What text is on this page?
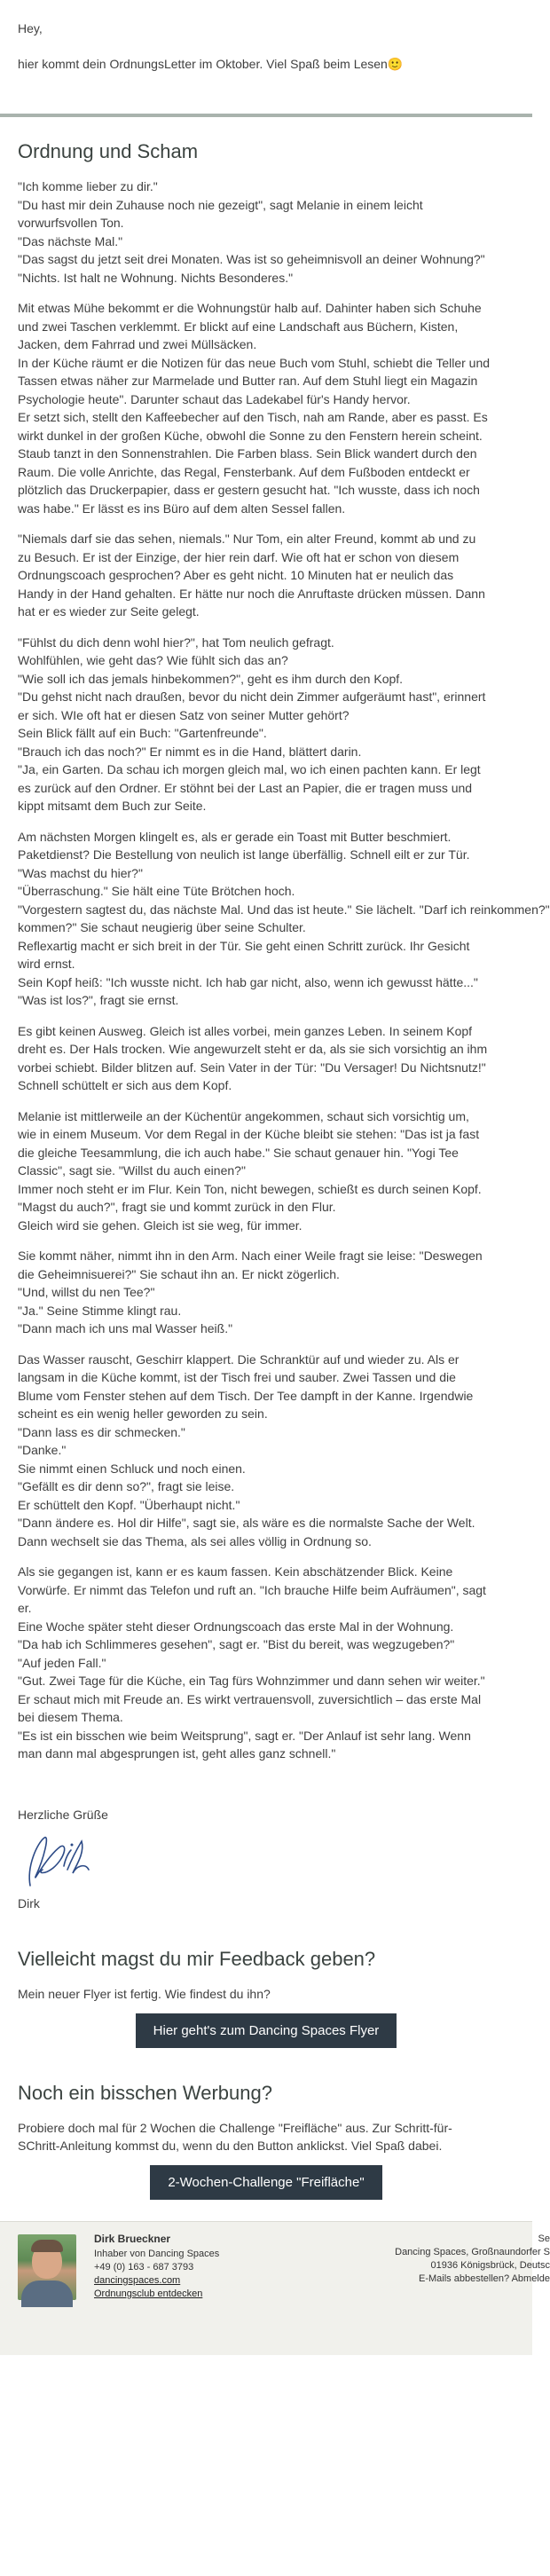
Hey,

hier kommt dein OrdnungsLetter im Oktober. Viel Spaß beim Lesen🙂

Ordnung und Scham

"Ich komme lieber zu dir."
"Du hast mir dein Zuhause noch nie gezeigt", sagt Melanie in einem leicht
vorwurfsvollen Ton.
"Das nächste Mal."
"Das sagst du jetzt seit drei Monaten. Was ist so geheimnisvoll an deiner Wohnung?"
"Nichts. Ist halt ne Wohnung. Nichts Besonderes."

Mit etwas Mühe bekommt er die Wohnungstür halb auf. Dahinter haben sich Schuhe
und zwei Taschen verklemmt. Er blickt auf eine Landschaft aus Büchern, Kisten,
Jacken, dem Fahrrad und zwei Müllsäcken.
In der Küche räumt er die Notizen für das neue Buch vom Stuhl, schiebt die Teller und
Tassen etwas näher zur Marmelade und Butter ran. Auf dem Stuhl liegt ein Magazin
Psychologie heute". Darunter schaut das Ladekabel für's Handy hervor.
Er setzt sich, stellt den Kaffeebecher auf den Tisch, nah am Rande, aber es passt. Es
wirkt dunkel in der großen Küche, obwohl die Sonne zu den Fenstern herein scheint.
Staub tanzt in den Sonnenstrahlen. Die Farben blass. Sein Blick wandert durch den
Raum. Die volle Anrichte, das Regal, Fensterbank. Auf dem Fußboden entdeckt er
plötzlich das Druckerpapier, dass er gestern gesucht hat. "Ich wusste, dass ich noch
was habe." Er lässt es ins Büro auf dem alten Sessel fallen.

"Niemals darf sie das sehen, niemals." Nur Tom, ein alter Freund, kommt ab und zu
zu Besuch. Er ist der Einzige, der hier rein darf. Wie oft hat er schon von diesem
Ordnungscoach gesprochen? Aber es geht nicht. 10 Minuten hat er neulich das
Handy in der Hand gehalten. Er hätte nur noch die Anruftaste drücken müssen. Dann
hat er es wieder zur Seite gelegt.

"Fühlst du dich denn wohl hier?", hat Tom neulich gefragt.
Wohlfühlen, wie geht das? Wie fühlt sich das an?
"Wie soll ich das jemals hinbekommen?", geht es ihm durch den Kopf.
"Du gehst nicht nach draußen, bevor du nicht dein Zimmer aufgeräumt hast", erinnert
er sich. WIe oft hat er diesen Satz von seiner Mutter gehört?
Sein Blick fällt auf ein Buch: "Gartenfreunde".
"Brauch ich das noch?" Er nimmt es in die Hand, blättert darin.
"Ja, ein Garten. Da schau ich morgen gleich mal, wo ich einen pachten kann. Er legt
es zurück auf den Ordner. Er stöhnt bei der Last an Papier, die er tragen muss und
kippt mitsamt dem Buch zur Seite.

Am nächsten Morgen klingelt es, als er gerade ein Toast mit Butter beschmiert.
Paketdienst? Die Bestellung von neulich ist lange überfällig. Schnell eilt er zur Tür.
"Was machst du hier?"
"Überraschung." Sie hält eine Tüte Brötchen hoch.
"Vorgestern sagtest du, das nächste Mal. Und das ist heute." Sie lächelt. "Darf ich reinkommen?"
kommen?" Sie schaut neugierig über seine Schulter.
Reflexartig macht er sich breit in der Tür. Sie geht einen Schritt zurück. Ihr Gesicht
wird ernst.
Sein Kopf heiß: "Ich wusste nicht. Ich hab gar nicht, also, wenn ich gewusst hätte..."
"Was ist los?", fragt sie ernst.

Es gibt keinen Ausweg. Gleich ist alles vorbei, mein ganzes Leben. In seinem Kopf
dreht es. Der Hals trocken. Wie angewurzelt steht er da, als sie sich vorsichtig an ihm
vorbei schiebt. Bilder blitzen auf. Sein Vater in der Tür: "Du Versager! Du Nichtsnutz!"
Schnell schüttelt er sich aus dem Kopf.

Melanie ist mittlerweile an der Küchentür angekommen, schaut sich vorsichtig um,
wie in einem Museum. Vor dem Regal in der Küche bleibt sie stehen: "Das ist ja fast
die gleiche Teesammlung, die ich auch habe." Sie schaut genauer hin. "Yogi Tee
Classic", sagt sie. "Willst du auch einen?"
Immer noch steht er im Flur. Kein Ton, nicht bewegen, schießt es durch seinen Kopf.
"Magst du auch?", fragt sie und kommt zurück in den Flur.
Gleich wird sie gehen. Gleich ist sie weg, für immer.

Sie kommt näher, nimmt ihn in den Arm. Nach einer Weile fragt sie leise: "Deswegen
die Geheimnisuerei?" Sie schaut ihn an. Er nickt zögerlich.
"Und, willst du nen Tee?"
"Ja." Seine Stimme klingt rau.
"Dann mach ich uns mal Wasser heiß."

Das Wasser rauscht, Geschirr klappert. Die Schranktür auf und wieder zu. Als er
langsam in die Küche kommt, ist der Tisch frei und sauber. Zwei Tassen und die
Blume vom Fenster stehen auf dem Tisch. Der Tee dampft in der Kanne. Irgendwie
scheint es ein wenig heller geworden zu sein.
"Dann lass es dir schmecken."
"Danke."
Sie nimmt einen Schluck und noch einen.
"Gefällt es dir denn so?", fragt sie leise.
Er schüttelt den Kopf. "Überhaupt nicht."
"Dann ändere es. Hol dir Hilfe", sagt sie, als wäre es die normalste Sache der Welt.
Dann wechselt sie das Thema, als sei alles völlig in Ordnung so.

Als sie gegangen ist, kann er es kaum fassen. Kein abschätzender Blick. Keine
Vorwürfe. Er nimmt das Telefon und ruft an. "Ich brauche Hilfe beim Aufräumen", sagt
er.
Eine Woche später steht dieser Ordnungscoach das erste Mal in der Wohnung.
"Da hab ich Schlimmeres gesehen", sagt er. "Bist du bereit, was wegzugeben?"
"Auf jeden Fall."
"Gut. Zwei Tage für die Küche, ein Tag fürs Wohnzimmer und dann sehen wir weiter."
Er schaut mich mit Freude an. Es wirkt vertrauensvoll, zuversichtlich – das erste Mal
bei diesem Thema.
"Es ist ein bisschen wie beim Weitsprung", sagt er. "Der Anlauf ist sehr lang. Wenn
man dann mal abgesprungen ist, geht alles ganz schnell."

Herzliche Grüße

Dirk

Vielleicht magst du mir Feedback geben?

Mein neuer Flyer ist fertig. Wie findest du ihn?

Hier geht's zum Dancing Spaces Flyer
Noch ein bisschen Werbung?
Probiere doch mal für 2 Wochen die Challenge "Freifläche" aus. Zur Schritt-für-
SChritt-Anleitung kommst du, wenn du den Button anklickst. Viel Spaß dabei.
2-Wochen-Challenge "Freifläche"
Dirk Brueckner
Inhaber von Dancing Spaces
+49 (0) 163 - 687 3793
dancingspaces.com
Ordnungsclub entdecken
Se
Dancing Spaces, Großnaundorfer S
01936 Königsbrück, Deutsc
E-Mails abbestellen? Abmelde
